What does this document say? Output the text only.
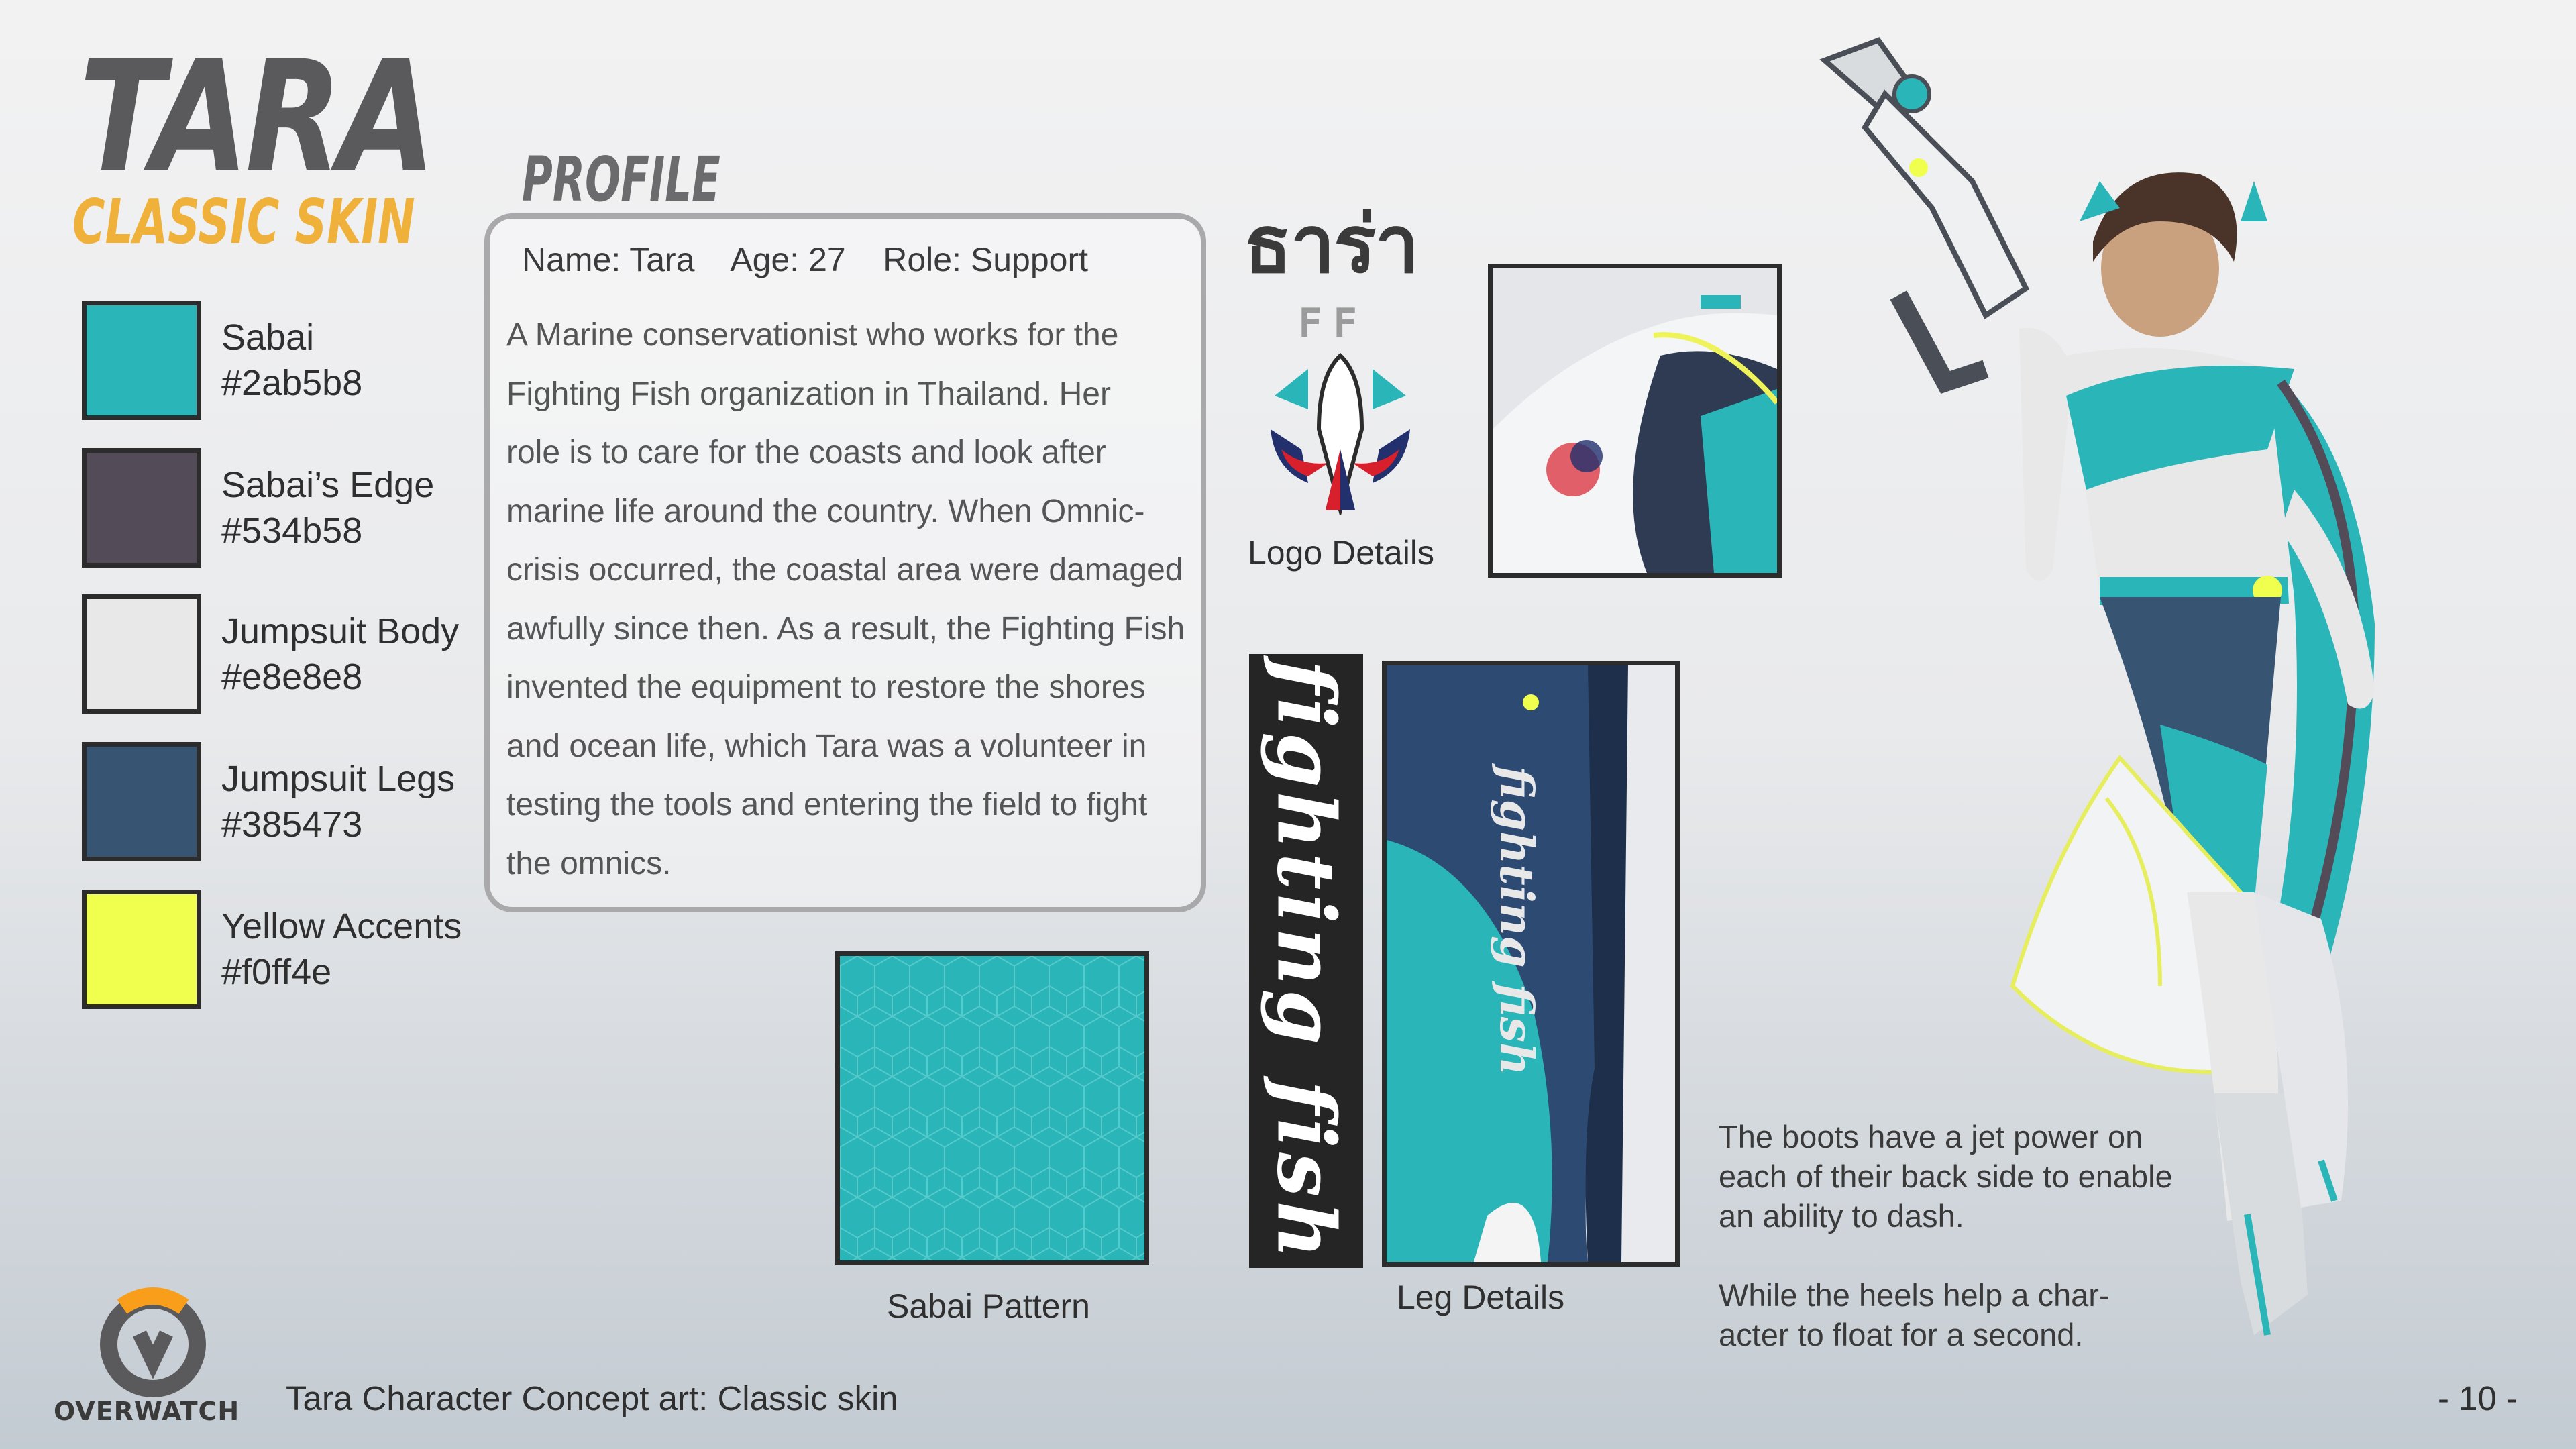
TARA
CLASSIC SKIN
Sabai
#2ab5b8
Sabai’s Edge
#534b58
Jumpsuit Body
#e8e8e8
Jumpsuit Legs
#385473
Yellow Accents
#f0ff4e
PROFILE
Name: Tara    Age: 27    Role: Support
A Marine conservationist who works for the
Fighting Fish organization in Thailand. Her
role is to care for the coasts and look after
marine life around the country. When Omnic-
crisis occurred, the coastal area were damaged
awfully since then. As a result, the Fighting Fish
invented the equipment to restore the shores
and ocean life, which Tara was a volunteer in
testing the tools and entering the field to fight
the omnics.
Sabai Pattern
ธาร่า
FF
Logo Details
fighting fish	fighting fish
Leg Details

The boots have a jet power on each of their back side to enable an ability to dash.

While the heels help a char-acter to float for a second.

OVERWATCH Tara Character Concept art: Classic skin	- 10 -
